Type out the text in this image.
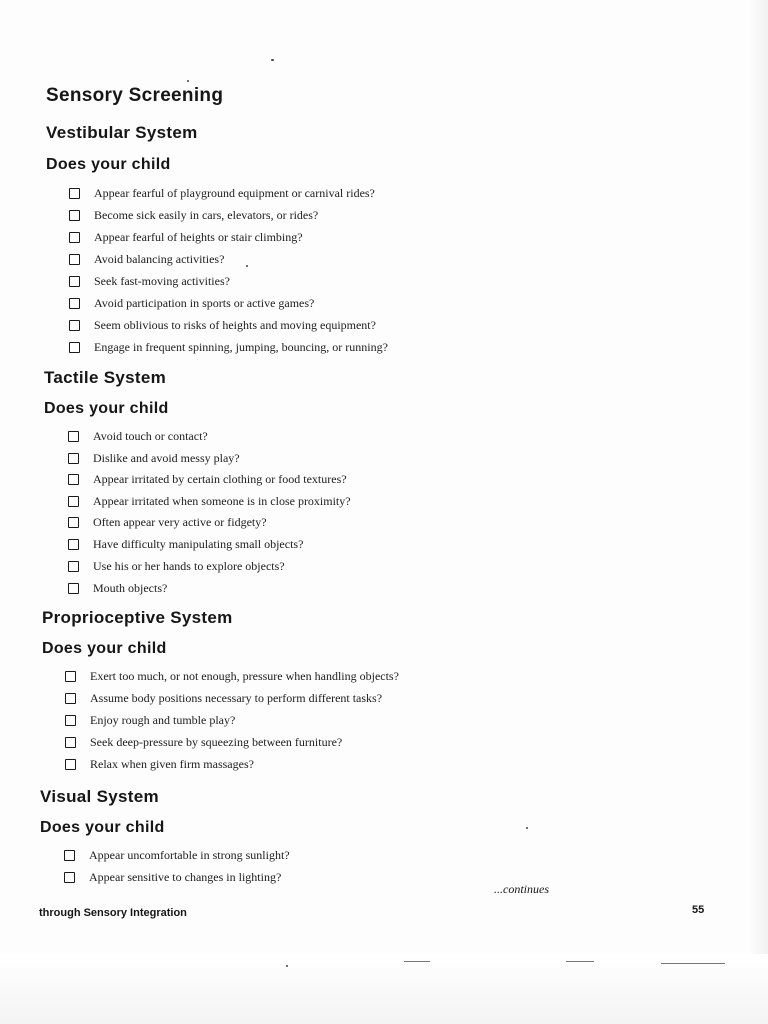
Sensory Screening
Vestibular System
Does your child
Appear fearful of playground equipment or carnival rides?
Become sick easily in cars, elevators, or rides?
Appear fearful of heights or stair climbing?
Avoid balancing activities?
Seek fast-moving activities?
Avoid participation in sports or active games?
Seem oblivious to risks of heights and moving equipment?
Engage in frequent spinning, jumping, bouncing, or running?
Tactile System
Does your child
Avoid touch or contact?
Dislike and avoid messy play?
Appear irritated by certain clothing or food textures?
Appear irritated when someone is in close proximity?
Often appear very active or fidgety?
Have difficulty manipulating small objects?
Use his or her hands to explore objects?
Mouth objects?
Proprioceptive System
Does your child
Exert too much, or not enough, pressure when handling objects?
Assume body positions necessary to perform different tasks?
Enjoy rough and tumble play?
Seek deep-pressure by squeezing between furniture?
Relax when given firm massages?
Visual System
Does your child
Appear uncomfortable in strong sunlight?
Appear sensitive to changes in lighting?
...continues
through Sensory Integration	55
